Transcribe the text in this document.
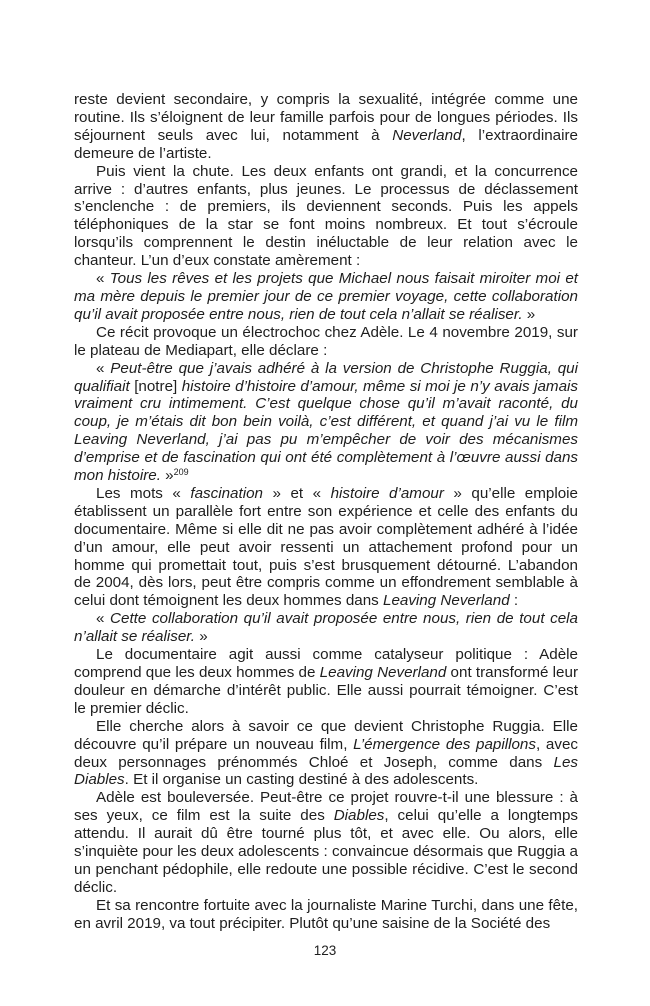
reste devient secondaire, y compris la sexualité, intégrée comme une routine. Ils s’éloignent de leur famille parfois pour de longues périodes. Ils séjournent seuls avec lui, notamment à Neverland, l’extraordinaire demeure de l’artiste.

Puis vient la chute. Les deux enfants ont grandi, et la concurrence arrive : d’autres enfants, plus jeunes. Le processus de déclassement s’enclenche : de premiers, ils deviennent seconds. Puis les appels téléphoniques de la star se font moins nombreux. Et tout s’écroule lorsqu’ils comprennent le destin inéluctable de leur relation avec le chanteur. L’un d’eux constate amèrement :

« Tous les rêves et les projets que Michael nous faisait miroiter moi et ma mère depuis le premier jour de ce premier voyage, cette collaboration qu’il avait proposée entre nous, rien de tout cela n’allait se réaliser. »

Ce récit provoque un électrochoc chez Adèle. Le 4 novembre 2019, sur le plateau de Mediapart, elle déclare :

« Peut-être que j’avais adhéré à la version de Christophe Ruggia, qui qualifiait [notre] histoire d’histoire d’amour, même si moi je n’y avais jamais vraiment cru intimement. C’est quelque chose qu’il m’avait raconté, du coup, je m’étais dit bon bein voilà, c’est différent, et quand j’ai vu le film Leaving Neverland, j’ai pas pu m’empêcher de voir des mécanismes d’emprise et de fascination qui ont été complètement à l’œuvre aussi dans mon histoire. »$^{209}$

Les mots « fascination » et « histoire d’amour » qu’elle emploie établissent un parallèle fort entre son expérience et celle des enfants du documentaire. Même si elle dit ne pas avoir complètement adhéré à l’idée d’un amour, elle peut avoir ressenti un attachement profond pour un homme qui promettait tout, puis s’est brusquement détourné. L’abandon de 2004, dès lors, peut être compris comme un effondrement semblable à celui dont témoignent les deux hommes dans Leaving Neverland :

« Cette collaboration qu’il avait proposée entre nous, rien de tout cela n’allait se réaliser. »

Le documentaire agit aussi comme catalyseur politique : Adèle comprend que les deux hommes de Leaving Neverland ont transformé leur douleur en démarche d’intérêt public. Elle aussi pourrait témoigner. C’est le premier déclic.

Elle cherche alors à savoir ce que devient Christophe Ruggia. Elle découvre qu’il prépare un nouveau film, L’émergence des papillons, avec deux personnages prénommés Chloé et Joseph, comme dans Les Diables. Et il organise un casting destiné à des adolescents.

Adèle est bouleversée. Peut-être ce projet rouvre-t-il une blessure : à ses yeux, ce film est la suite des Diables, celui qu’elle a longtemps attendu. Il aurait dû être tourné plus tôt, et avec elle. Ou alors, elle s’inquiète pour les deux adolescents : convaincue désormais que Ruggia a un penchant pédophile, elle redoute une possible récidive. C’est le second déclic.

Et sa rencontre fortuite avec la journaliste Marine Turchi, dans une fête, en avril 2019, va tout précipiter. Plutôt qu’une saisine de la Société des

123
